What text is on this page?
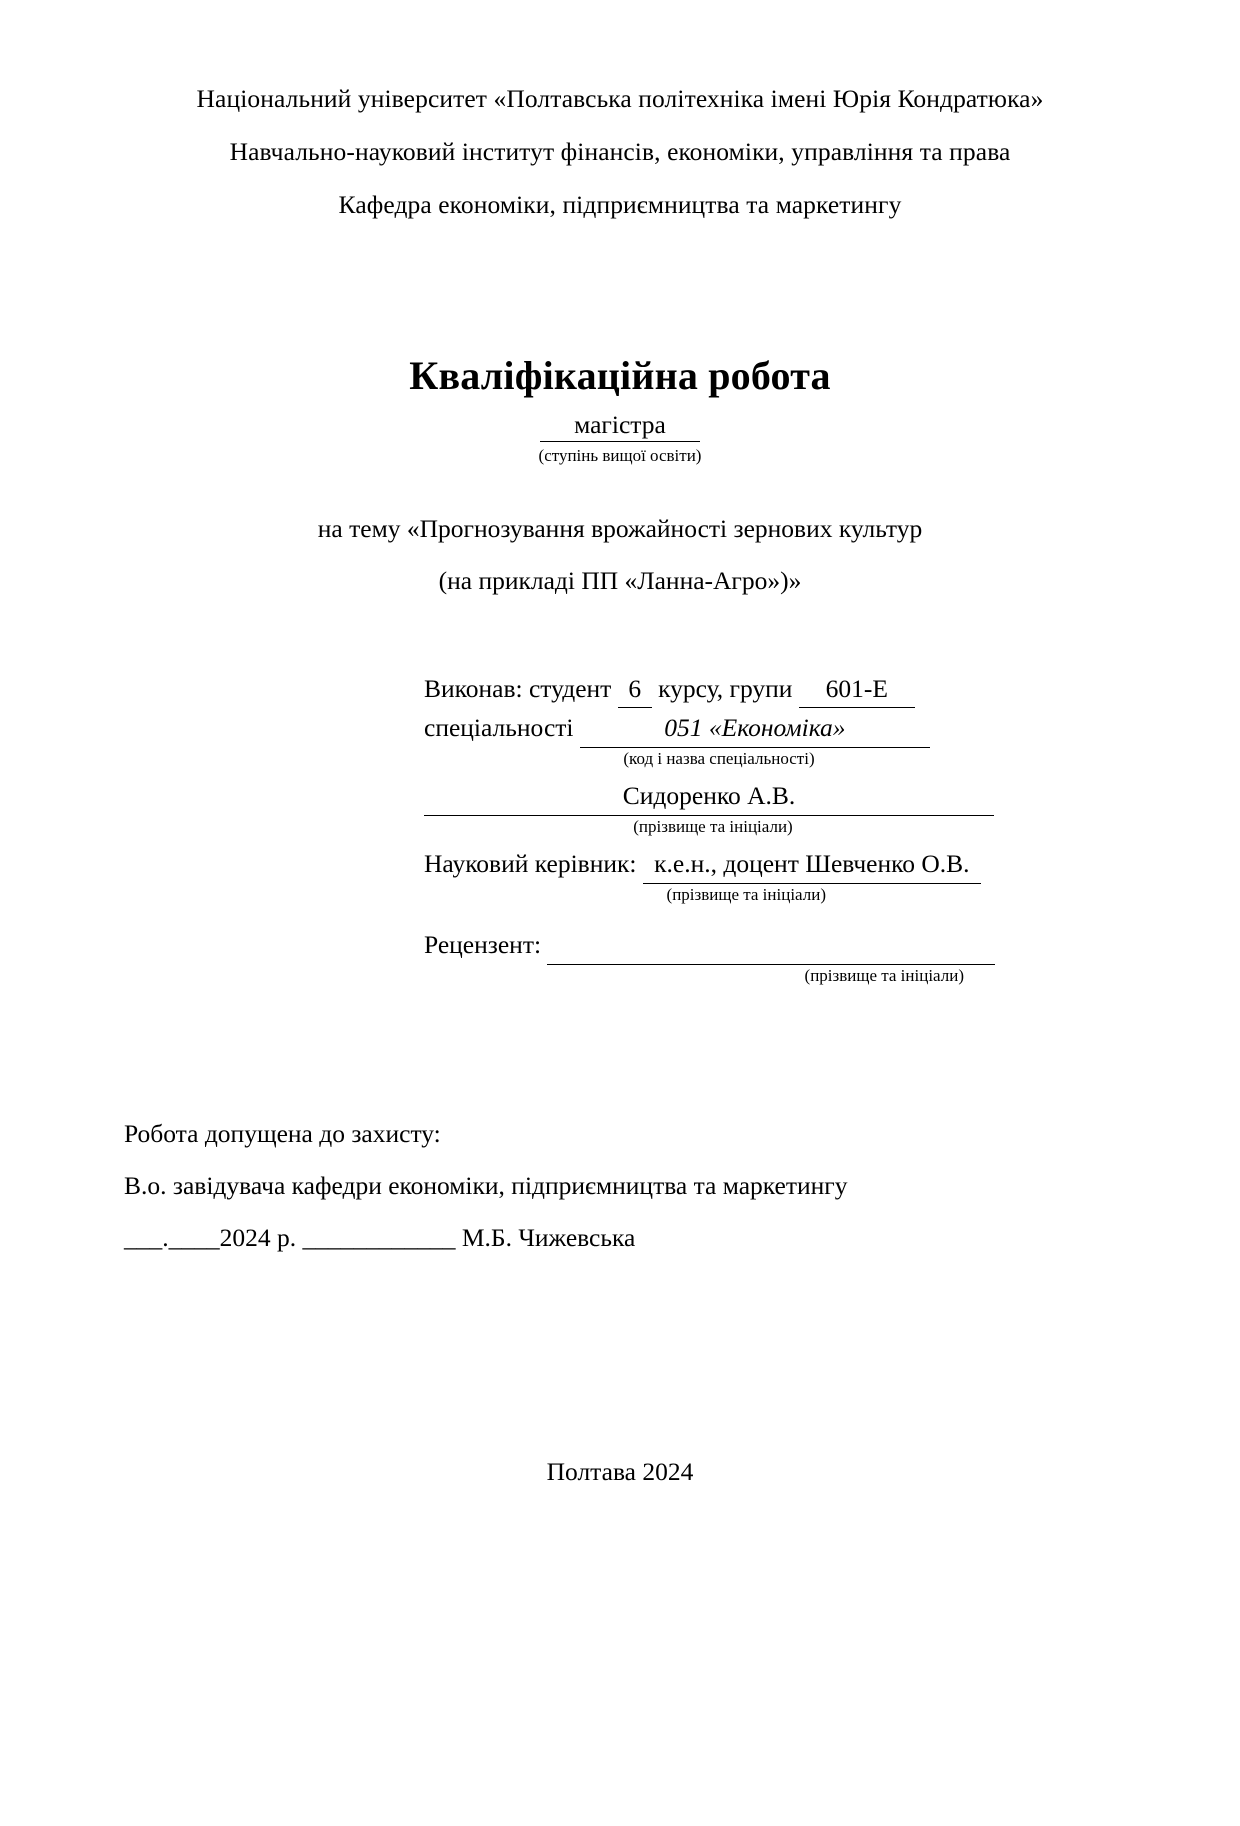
Національний університет «Полтавська політехніка імені Юрія Кондратюка»
Навчально-науковий інститут фінансів, економіки, управління та права
Кафедра економіки, підприємництва та маркетингу
Кваліфікаційна робота
магістра
(ступінь вищої освіти)
на тему «Прогнозування врожайності зернових культур
(на прикладі ПП «Ланна-Агро»)»
Виконав: студент 6 курсу, групи 601-Е
спеціальності	051 «Економіка»
(код і назва спеціальності)
Сидоренко А.В.
(прізвище та ініціали)
Науковий керівник: к.е.н., доцент Шевченко О.В.
(прізвище та ініціали)
Рецензент:
(прізвище та ініціали)
Робота допущена до захисту:
В.о. завідувача кафедри економіки, підприємництва та маркетингу
___.____2024 р. ____________ М.Б. Чижевська
Полтава 2024
